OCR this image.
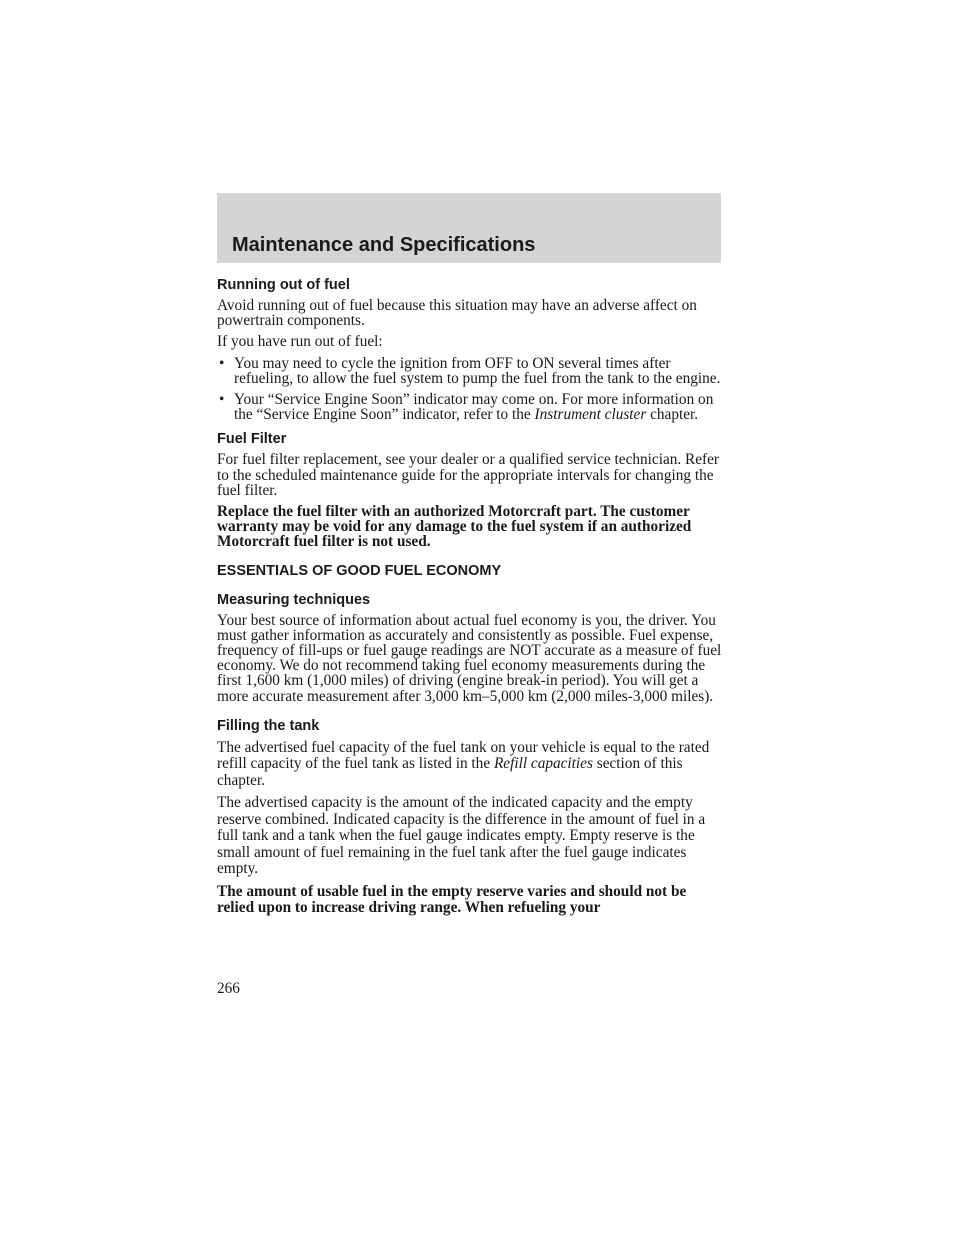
Maintenance and Specifications
Running out of fuel

Avoid running out of fuel because this situation may have an adverse affect on powertrain components.

If you have run out of fuel:

• You may need to cycle the ignition from OFF to ON several times after refueling, to allow the fuel system to pump the fuel from the tank to the engine.
• Your “Service Engine Soon” indicator may come on. For more information on the “Service Engine Soon” indicator, refer to the Instrument cluster chapter.
Fuel Filter

For fuel filter replacement, see your dealer or a qualified service technician. Refer to the scheduled maintenance guide for the appropriate intervals for changing the fuel filter.

Replace the fuel filter with an authorized Motorcraft part. The customer warranty may be void for any damage to the fuel system if an authorized Motorcraft fuel filter is not used.

ESSENTIALS OF GOOD FUEL ECONOMY
Measuring techniques

Your best source of information about actual fuel economy is you, the driver. You must gather information as accurately and consistently as possible. Fuel expense, frequency of fill-ups or fuel gauge readings are NOT accurate as a measure of fuel economy. We do not recommend taking fuel economy measurements during the first 1,600 km (1,000 miles) of driving (engine break-in period). You will get a more accurate measurement after 3,000 km–5,000 km (2,000 miles-3,000 miles).

Filling the tank

The advertised fuel capacity of the fuel tank on your vehicle is equal to the rated refill capacity of the fuel tank as listed in the Refill capacities section of this chapter.

The advertised capacity is the amount of the indicated capacity and the empty reserve combined. Indicated capacity is the difference in the amount of fuel in a full tank and a tank when the fuel gauge indicates empty. Empty reserve is the small amount of fuel remaining in the fuel tank after the fuel gauge indicates empty.

The amount of usable fuel in the empty reserve varies and should not be relied upon to increase driving range. When refueling your

266
